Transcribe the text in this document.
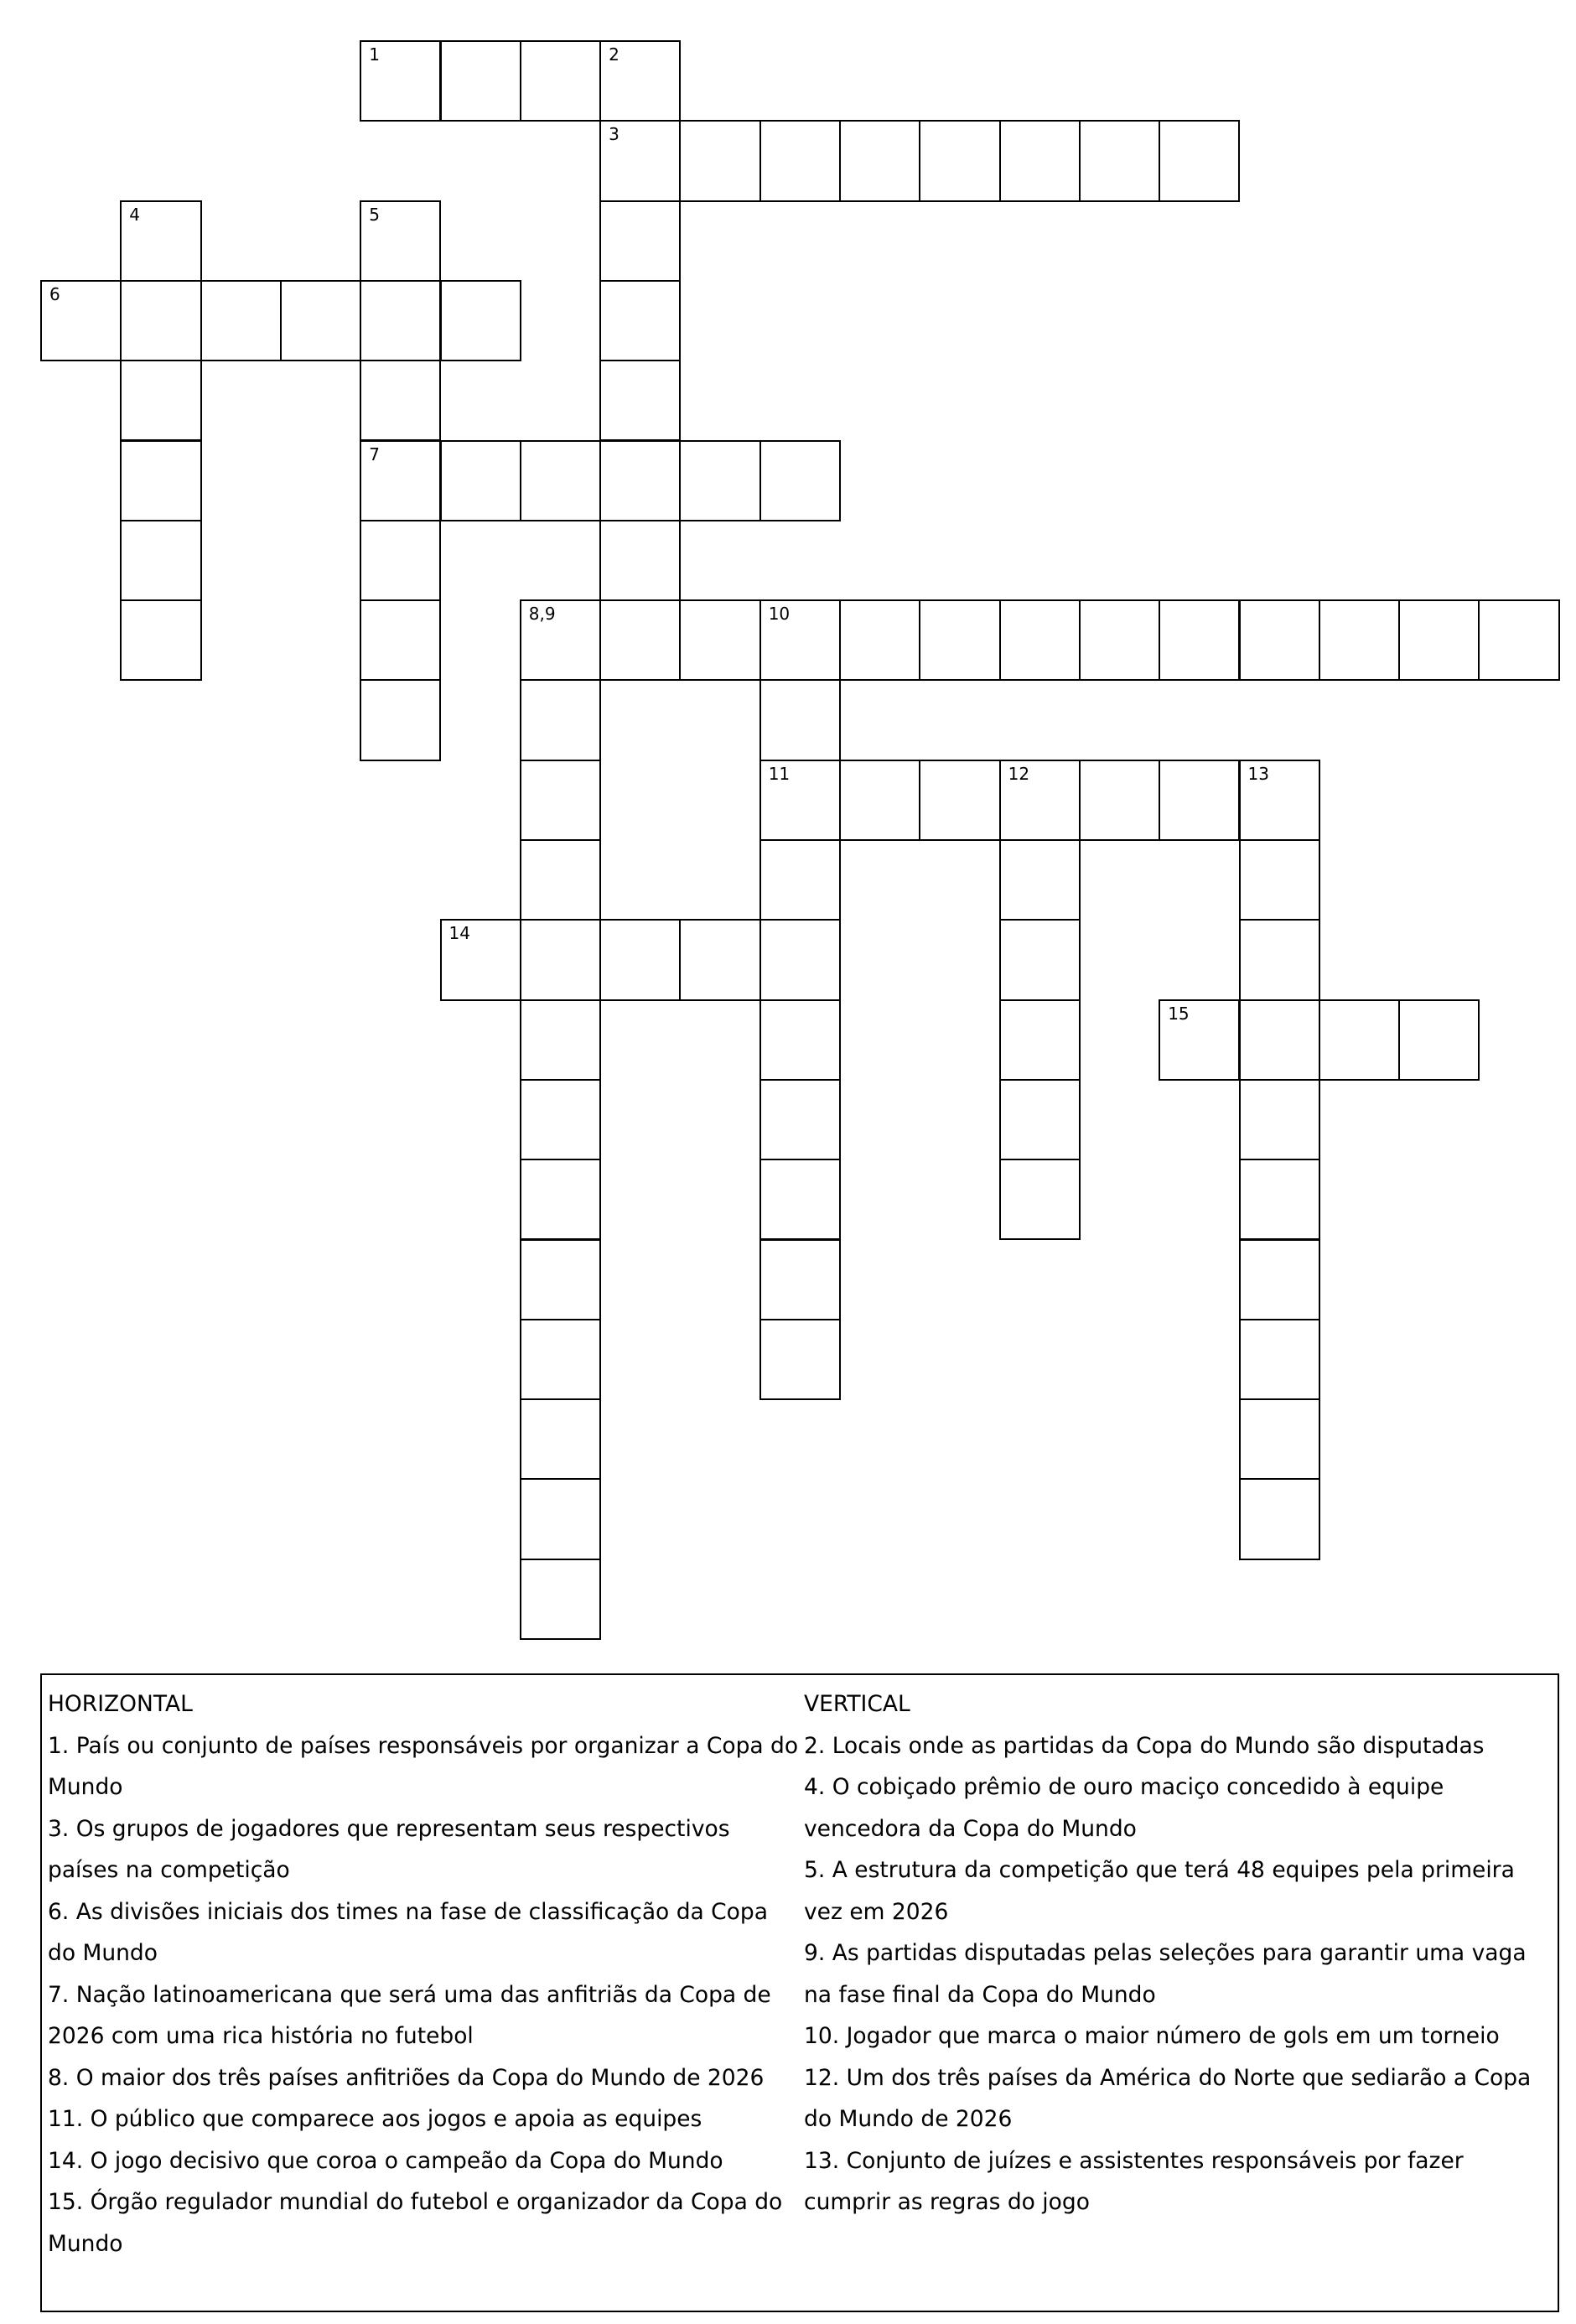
1	2
3
4	5
7
6
8,9	10
11	12	13
14
15
HORIZONTAL
1. País ou conjunto de países responsáveis por organizar a Copa do Mundo
3. Os grupos de jogadores que representam seus respectivos países na competição
6. As divisões iniciais dos times na fase de classificação da Copa do Mundo
7. Nação latinoamericana que será uma das anfitriãs da Copa de 2026 com uma rica história no futebol
8. O maior dos três países anfitriões da Copa do Mundo de 2026
11. O público que comparece aos jogos e apoia as equipes
14. O jogo decisivo que coroa o campeão da Copa do Mundo
15. Órgão regulador mundial do futebol e organizador da Copa do Mundo
VERTICAL
2. Locais onde as partidas da Copa do Mundo são disputadas
4. O cobiçado prêmio de ouro maciço concedido à equipe vencedora da Copa do Mundo
5. A estrutura da competição que terá 48 equipes pela primeira vez em 2026
9. As partidas disputadas pelas seleções para garantir uma vaga na fase final da Copa do Mundo
10. Jogador que marca o maior número de gols em um torneio
12. Um dos três países da América do Norte que sediarão a Copa do Mundo de 2026
13. Conjunto de juízes e assistentes responsáveis por fazer cumprir as regras do jogo
